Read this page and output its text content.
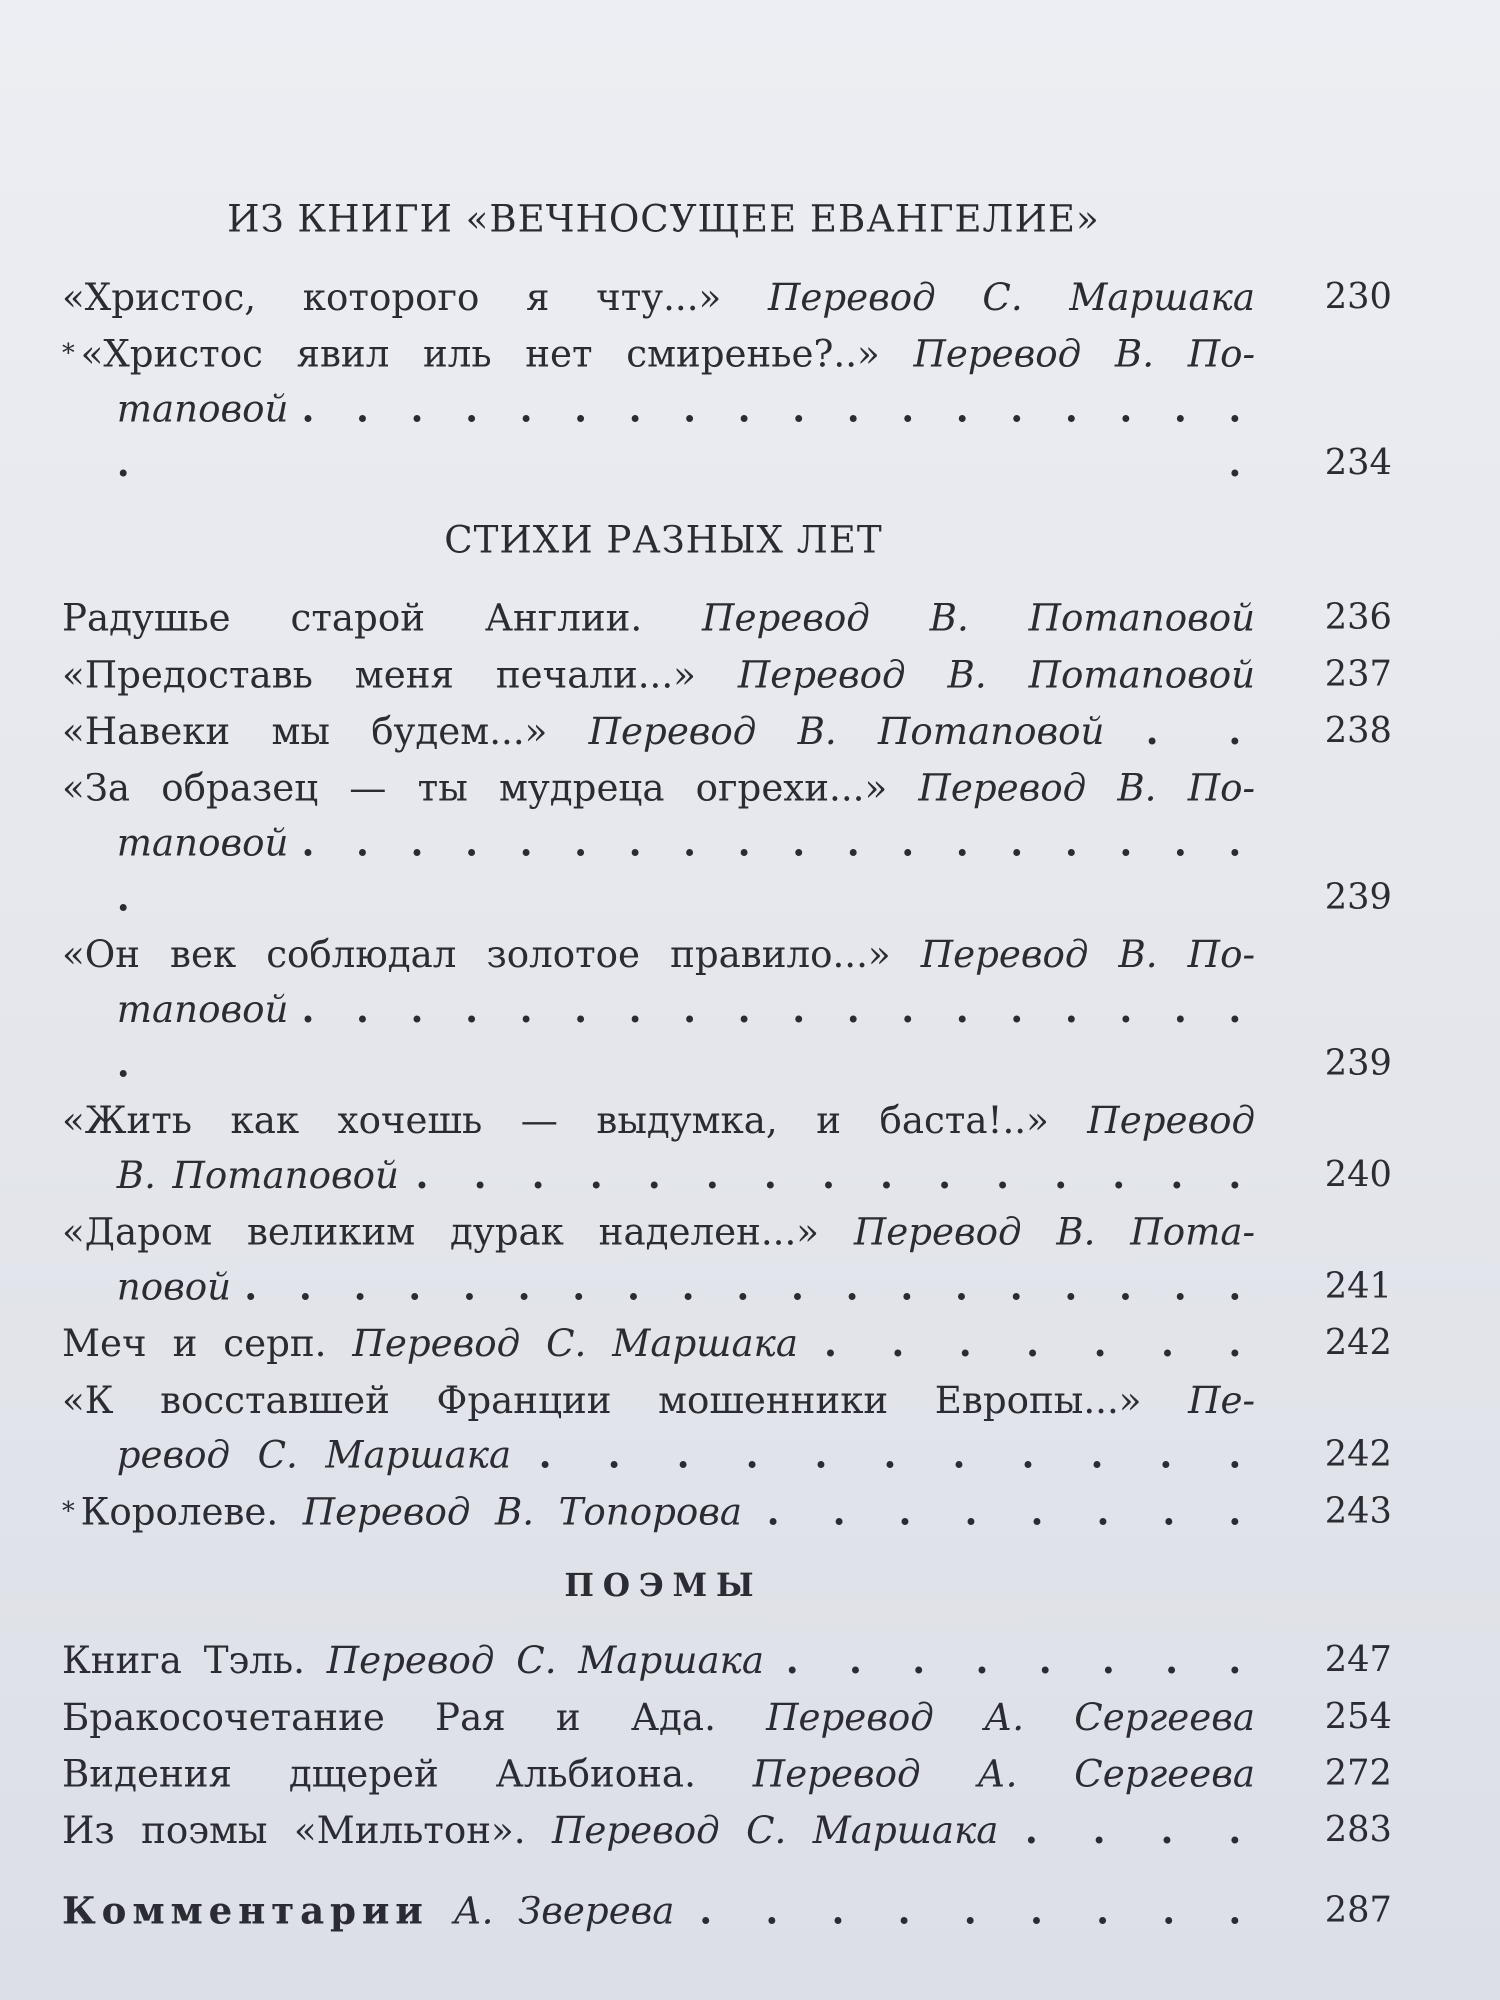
ИЗ КНИГИ «ВЕЧНОСУЩЕЕ ЕВАНГЕЛИЕ»
«Христос, которого я чту...» Перевод С. Маршака	230
* «Христос явил иль нет смиренье?..» Перевод В. По-
таповой . . . . . . . . . . . . . . . . . . . .	234
СТИХИ РАЗНЫХ ЛЕТ
Радушье старой Англии. Перевод В. Потаповой	236
«Предоставь меня печали...» Перевод В. Потаповой	237
«Навеки мы будем...» Перевод В. Потаповой . .	238
«За образец — ты мудреца огрехи...» Перевод В. По-
таповой . . . . . . . . . . . . . . . . . . .	239
«Он век соблюдал золотое правило...» Перевод В. По-
таповой . . . . . . . . . . . . . . . . . . .	239
«Жить как хочешь — выдумка, и баста!..» Перевод
В. Потаповой . . . . . . . . . . . . . . .	240
«Даром великим дурак наделен...» Перевод В. Пота-
повой . . . . . . . . . . . . . . . . . . .	241
Меч и серп. Перевод С. Маршака . . . . . . .	242
«К восставшей Франции мошенники Европы...» Пе-
ревод С. Маршака . . . . . . . . . . .	242
* Королеве. Перевод В. Топорова . . . . . . . .	243
ПОЭМЫ
Книга Тэль. Перевод С. Маршака . . . . . . . .	247
Бракосочетание Рая и Ада. Перевод А. Сергеева	254
Видения дщерей Альбиона. Перевод А. Сергеева	272
Из поэмы «Мильтон». Перевод С. Маршака . . . .	283
Комментарии А. Зверева . . . . . . . . .	287
